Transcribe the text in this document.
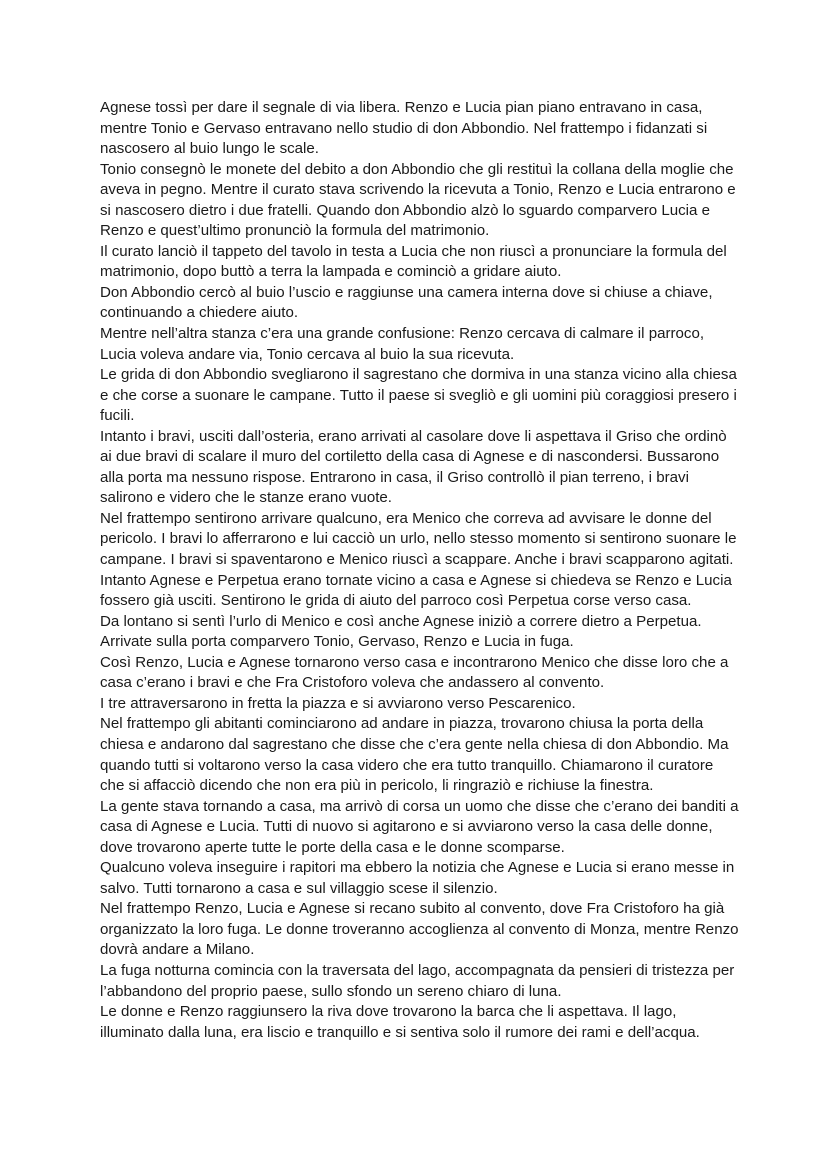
Agnese tossì per dare il segnale di via libera. Renzo e Lucia pian piano entravano in casa, mentre Tonio e Gervaso entravano nello studio di don Abbondio. Nel frattempo i fidanzati si nascosero al buio lungo le scale.

Tonio consegnò le monete del debito a don Abbondio che gli restituì la collana della moglie che aveva in pegno. Mentre il curato stava scrivendo la ricevuta a Tonio, Renzo e Lucia entrarono e si nascosero dietro i due fratelli. Quando don Abbondio alzò lo sguardo comparvero Lucia e Renzo e quest’ultimo pronunciò la formula del matrimonio.

Il curato lanciò il tappeto del tavolo in testa a Lucia che non riuscì a pronunciare la formula del matrimonio, dopo buttò a terra la lampada e cominciò a gridare aiuto.

Don Abbondio cercò al buio l’uscio e raggiunse una camera interna dove si chiuse a chiave, continuando a chiedere aiuto.

Mentre nell’altra stanza c’era una grande confusione: Renzo cercava di calmare il parroco, Lucia voleva andare via, Tonio cercava al buio la sua ricevuta.

Le grida di don Abbondio svegliarono il sagrestano che dormiva in una stanza vicino alla chiesa e che corse a suonare le campane. Tutto il paese si svegliò e gli uomini più coraggiosi presero i fucili.

Intanto i bravi, usciti dall’osteria, erano arrivati al casolare dove li aspettava il Griso che ordinò ai due bravi di scalare il muro del cortiletto della casa di Agnese e di nascondersi. Bussarono alla porta ma nessuno rispose. Entrarono in casa, il Griso controllò il pian terreno, i bravi salirono e videro che le stanze erano vuote.

Nel frattempo sentirono arrivare qualcuno, era Menico che correva ad avvisare le donne del pericolo. I bravi lo afferrarono e lui cacciò un urlo, nello stesso momento si sentirono suonare le campane. I bravi si spaventarono e Menico riuscì a scappare. Anche i bravi scapparono agitati.

Intanto Agnese e Perpetua erano tornate vicino a casa e Agnese si chiedeva se Renzo e Lucia fossero già usciti. Sentirono le grida di aiuto del parroco così Perpetua corse verso casa.

Da lontano si sentì l’urlo di Menico e così anche Agnese iniziò a correre dietro a Perpetua. Arrivate sulla porta comparvero Tonio, Gervaso, Renzo e Lucia in fuga.

Così Renzo, Lucia e Agnese tornarono verso casa e incontrarono Menico che disse loro che a casa c’erano i bravi e che Fra Cristoforo voleva che andassero al convento.

I tre attraversarono in fretta la piazza e si avviarono verso Pescarenico.

Nel frattempo gli abitanti cominciarono ad andare in piazza, trovarono chiusa la porta della chiesa e andarono dal sagrestano che disse che c’era gente nella chiesa di don Abbondio. Ma quando tutti si voltarono verso la casa videro che era tutto tranquillo. Chiamarono il curatore che si affacciò dicendo che non era più in pericolo, li ringraziò e richiuse la finestra.

La gente stava tornando a casa, ma arrivò di corsa un uomo che disse che c’erano dei banditi a casa di Agnese e Lucia. Tutti di nuovo si agitarono e si avviarono verso la casa delle donne, dove trovarono aperte tutte le porte della casa e le donne scomparse.

Qualcuno voleva inseguire i rapitori ma ebbero la notizia che Agnese e Lucia si erano messe in salvo. Tutti tornarono a casa e sul villaggio scese il silenzio.

Nel frattempo Renzo, Lucia e Agnese si recano subito al convento, dove Fra Cristoforo ha già organizzato la loro fuga. Le donne troveranno accoglienza al convento di Monza, mentre Renzo dovrà andare a Milano.

La fuga notturna comincia con la traversata del lago, accompagnata da pensieri di tristezza per l’abbandono del proprio paese, sullo sfondo un sereno chiaro di luna.

Le donne e Renzo raggiunsero la riva dove trovarono la barca che li aspettava. Il lago, illuminato dalla luna, era liscio e tranquillo e si sentiva solo il rumore dei rami e dell’acqua.
